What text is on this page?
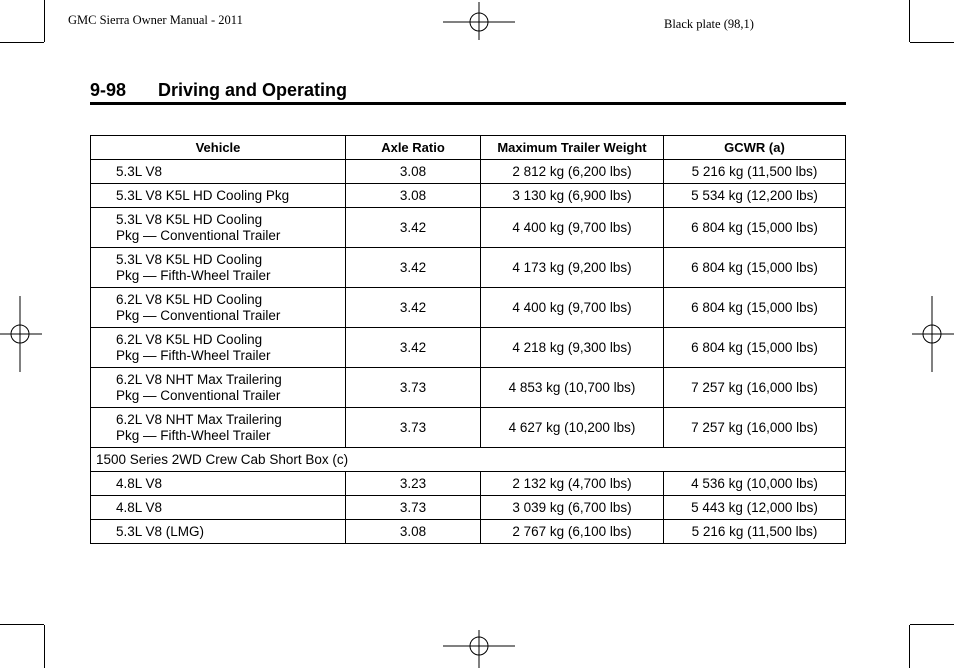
GMC Sierra Owner Manual - 2011	Black plate (98,1)
9-98 Driving and Operating
Vehicle	Axle Ratio	Maximum Trailer Weight	GCWR (a)
5.3L V8	3.08	2 812 kg (6,200 lbs)	5 216 kg (11,500 lbs)
5.3L V8 K5L HD Cooling Pkg	3.08	3 130 kg (6,900 lbs)	5 534 kg (12,200 lbs)
5.3L V8 K5L HD Cooling
Pkg — Conventional Trailer	3.42	4 400 kg (9,700 lbs)	6 804 kg (15,000 lbs)
5.3L V8 K5L HD Cooling
Pkg — Fifth-Wheel Trailer	3.42	4 173 kg (9,200 lbs)	6 804 kg (15,000 lbs)
6.2L V8 K5L HD Cooling
Pkg — Conventional Trailer	3.42	4 400 kg (9,700 lbs)	6 804 kg (15,000 lbs)
6.2L V8 K5L HD Cooling
Pkg — Fifth-Wheel Trailer	3.42	4 218 kg (9,300 lbs)	6 804 kg (15,000 lbs)
6.2L V8 NHT Max Trailering
Pkg — Conventional Trailer	3.73	4 853 kg (10,700 lbs)	7 257 kg (16,000 lbs)
6.2L V8 NHT Max Trailering
Pkg — Fifth-Wheel Trailer	3.73	4 627 kg (10,200 lbs)	7 257 kg (16,000 lbs)
1500 Series 2WD Crew Cab Short Box (c)			
4.8L V8	3.23	2 132 kg (4,700 lbs)	4 536 kg (10,000 lbs)
4.8L V8	3.73	3 039 kg (6,700 lbs)	5 443 kg (12,000 lbs)
5.3L V8 (LMG)	3.08	2 767 kg (6,100 lbs)	5 216 kg (11,500 lbs)
